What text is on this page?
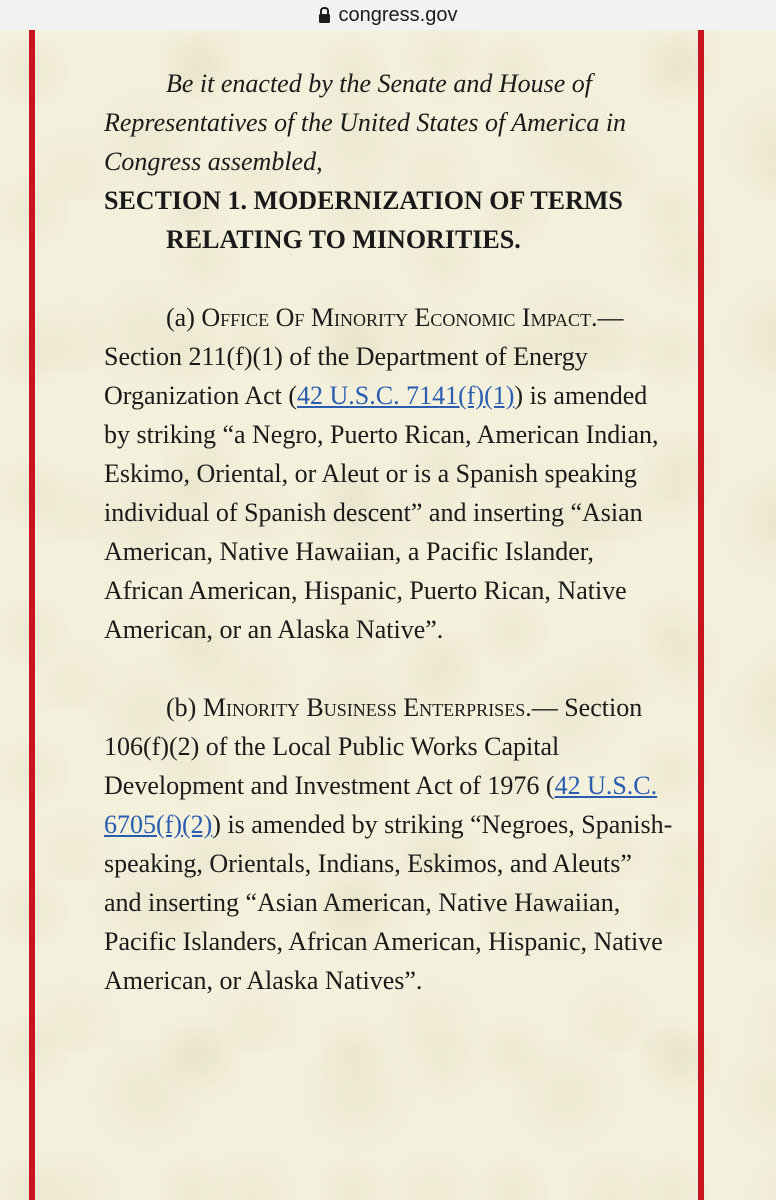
congress.gov

Be it enacted by the Senate and House of Representatives of the United States of America in Congress assembled,

SECTION 1. MODERNIZATION OF TERMS RELATING TO MINORITIES.

(a) Office Of Minority Economic Impact.—Section 211(f)(1) of the Department of Energy Organization Act (42 U.S.C. 7141(f)(1)) is amended by striking “a Negro, Puerto Rican, American Indian, Eskimo, Oriental, or Aleut or is a Spanish speaking individual of Spanish descent” and inserting “Asian American, Native Hawaiian, a Pacific Islander, African American, Hispanic, Puerto Rican, Native American, or an Alaska Native”.

(b) Minority Business Enterprises.— Section 106(f)(2) of the Local Public Works Capital Development and Investment Act of 1976 (42 U.S.C. 6705(f)(2)) is amended by striking “Negroes, Spanish-speaking, Orientals, Indians, Eskimos, and Aleuts” and inserting “Asian American, Native Hawaiian, Pacific Islanders, African American, Hispanic, Native American, or Alaska Natives”.
